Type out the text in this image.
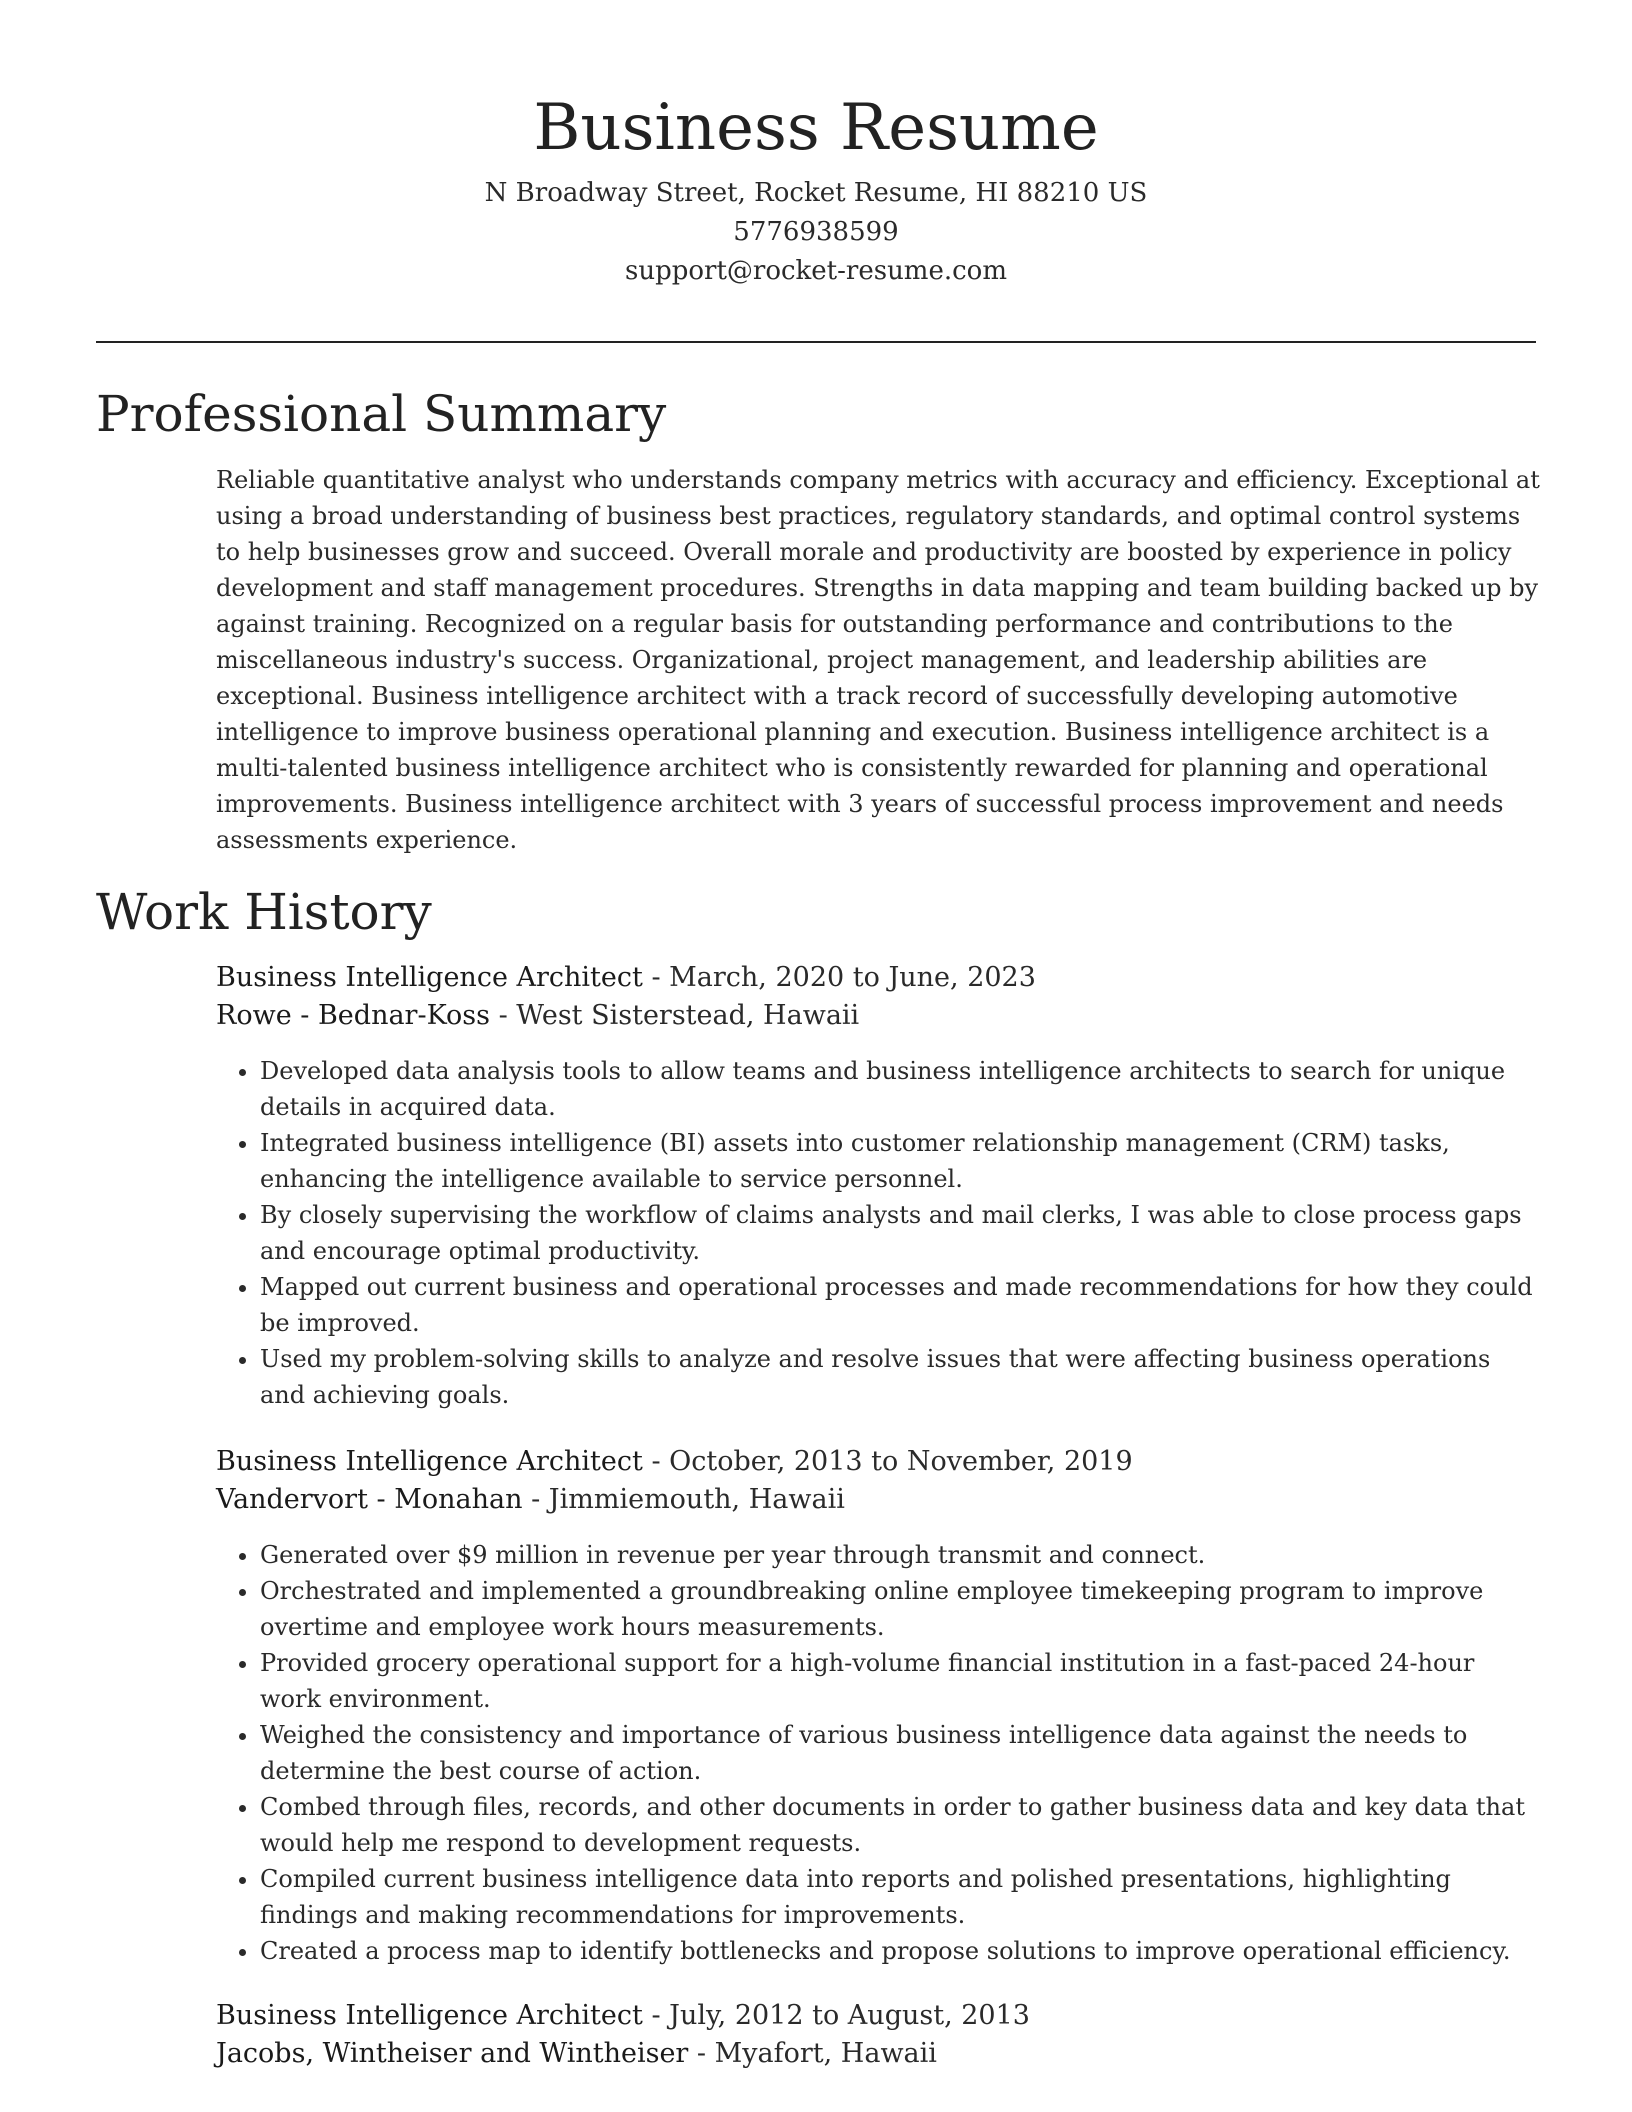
Business Resume
N Broadway Street, Rocket Resume, HI 88210 US
5776938599
support@rocket-resume.com
Professional Summary

Reliable quantitative analyst who understands company metrics with accuracy and efficiency. Exceptional at using a broad understanding of business best practices, regulatory standards, and optimal control systems to help businesses grow and succeed. Overall morale and productivity are boosted by experience in policy development and staff management procedures. Strengths in data mapping and team building backed up by against training. Recognized on a regular basis for outstanding performance and contributions to the miscellaneous industry's success. Organizational, project management, and leadership abilities are exceptional. Business intelligence architect with a track record of successfully developing automotive intelligence to improve business operational planning and execution. Business intelligence architect is a multi-talented business intelligence architect who is consistently rewarded for planning and operational improvements. Business intelligence architect with 3 years of successful process improvement and needs assessments experience.

Work History
Business Intelligence Architect - March, 2020 to June, 2023
Rowe - Bednar-Koss - West Sisterstead, Hawaii
• Developed data analysis tools to allow teams and business intelligence architects to search for unique details in acquired data.
• Integrated business intelligence (BI) assets into customer relationship management (CRM) tasks, enhancing the intelligence available to service personnel.
• By closely supervising the workflow of claims analysts and mail clerks, I was able to close process gaps and encourage optimal productivity.
• Mapped out current business and operational processes and made recommendations for how they could be improved.
• Used my problem-solving skills to analyze and resolve issues that were affecting business operations and achieving goals.
Business Intelligence Architect - October, 2013 to November, 2019
Vandervort - Monahan - Jimmiemouth, Hawaii
• Generated over $9 million in revenue per year through transmit and connect.
• Orchestrated and implemented a groundbreaking online employee timekeeping program to improve overtime and employee work hours measurements.
• Provided grocery operational support for a high-volume financial institution in a fast-paced 24-hour work environment.
• Weighed the consistency and importance of various business intelligence data against the needs to determine the best course of action.
• Combed through files, records, and other documents in order to gather business data and key data that would help me respond to development requests.
• Compiled current business intelligence data into reports and polished presentations, highlighting findings and making recommendations for improvements.
• Created a process map to identify bottlenecks and propose solutions to improve operational efficiency.
Business Intelligence Architect - July, 2012 to August, 2013
Jacobs, Wintheiser and Wintheiser - Myafort, Hawaii
